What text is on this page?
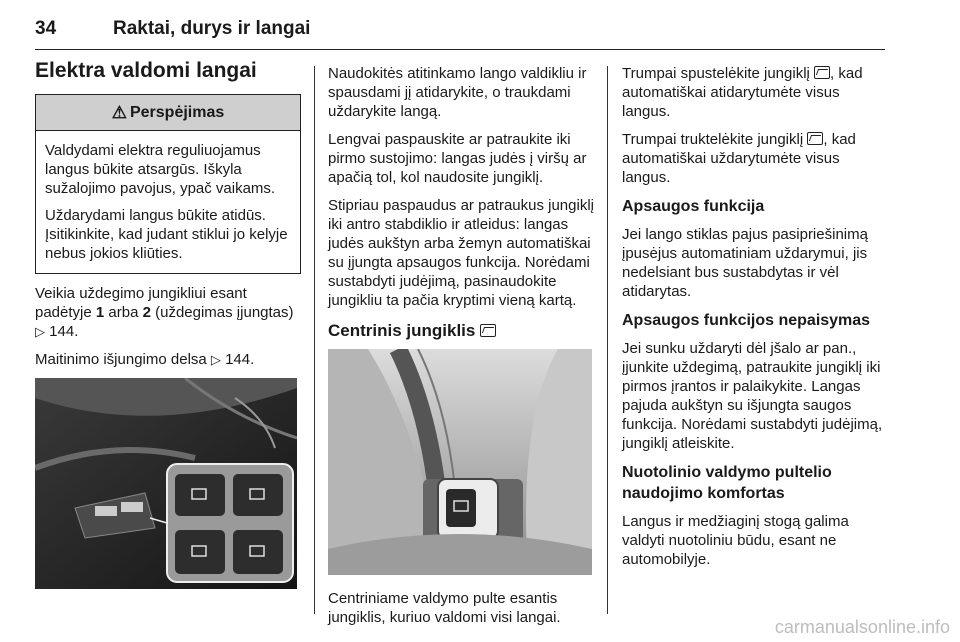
34	Raktai, durys ir langai
Elektra valdomi langai
⚠ Perspėjimas

Valdydami elektra reguliuojamus langus būkite atsargūs. Iškyla sužalojimo pavojus, ypač vaikams.

Uždarydami langus būkite atidūs. Įsitikinkite, kad judant stiklui jo kelyje nebus jokios kliūties.

Veikia uždegimo jungikliui esant padėtyje 1 arba 2 (uždegimas įjungtas) ▷ 144.

Maitinimo išjungimo delsa ▷ 144.

Naudokitės atitinkamo lango valdikliu ir spausdami jį atidarykite, o traukdami uždarykite langą.

Lengvai paspauskite ar patraukite iki pirmo sustojimo: langas judės į viršų ar apačią tol, kol naudosite jungiklį.

Stipriau paspaudus ar patraukus jungiklį iki antro stabdiklio ir atleidus: langas judės aukštyn arba žemyn automatiškai su įjungta apsaugos funkcija. Norėdami sustabdyti judėjimą, pasinaudokite jungikliu ta pačia kryptimi vieną kartą.

Centrinis jungiklis

Centriniame valdymo pulte esantis jungiklis, kuriuo valdomi visi langai.

Trumpai spustelėkite jungiklį , kad automatiškai atidarytumėte visus langus.

Trumpai truktelėkite jungiklį , kad automatiškai uždarytumėte visus langus.

Apsaugos funkcija

Jei lango stiklas pajus pasipriešinimą įpusėjus automatiniam uždarymui, jis nedelsiant bus sustabdytas ir vėl atidarytas.

Apsaugos funkcijos nepaisymas

Jei sunku uždaryti dėl jšalo ar pan., įjunkite uždegimą, patraukite jungiklį iki pirmos įrantos ir palaikykite. Langas pajuda aukštyn su išjungta saugos funkcija. Norėdami sustabdyti judėjimą, jungiklį atleiskite.

Nuotolinio valdymo pultelio naudojimo komfortas

Langus ir medžiaginį stogą galima valdyti nuotoliniu būdu, esant ne automobilyje.

carmanualsonline.info
